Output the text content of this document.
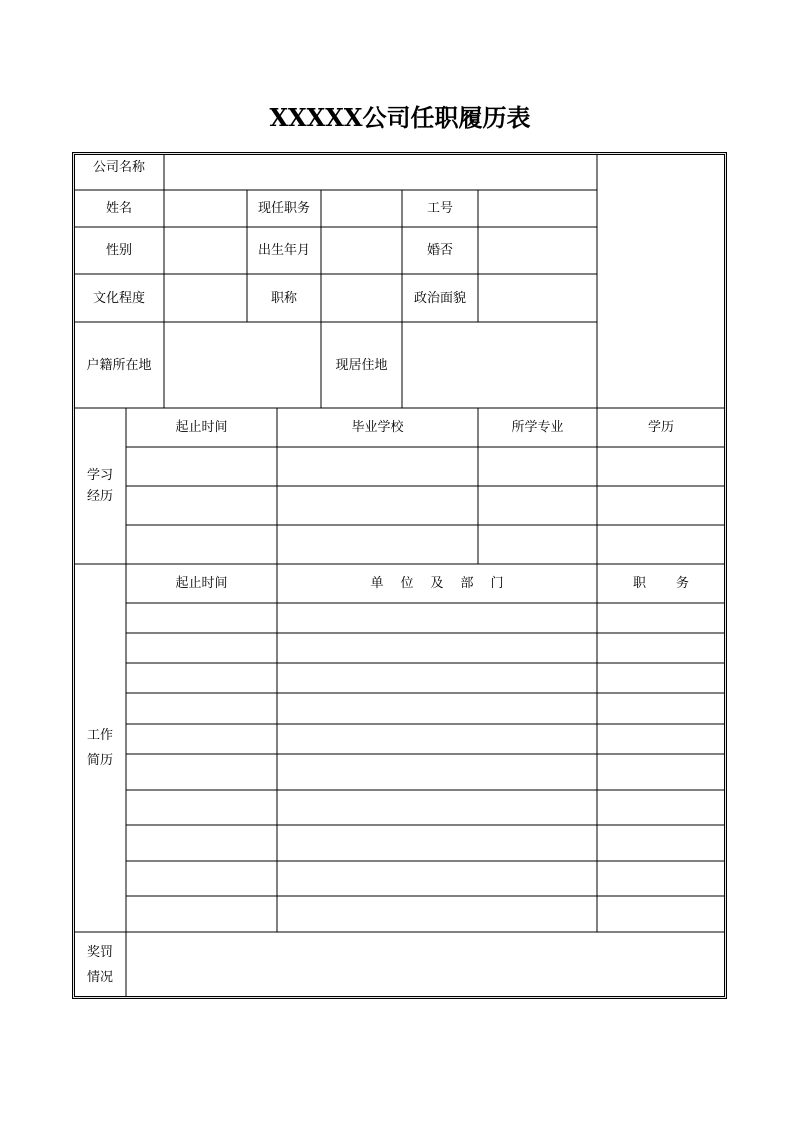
XXXXX公司任职履历表
公司名称
姓名	现任职务	工号
性别	出生年月	婚否
文化程度	职称	政治面貌
户籍所在地	现居住地
学习
经历
起止时间	毕业学校	所学专业	学历
工作
简历
起止时间	单位及部门	职务
奖罚
情况
